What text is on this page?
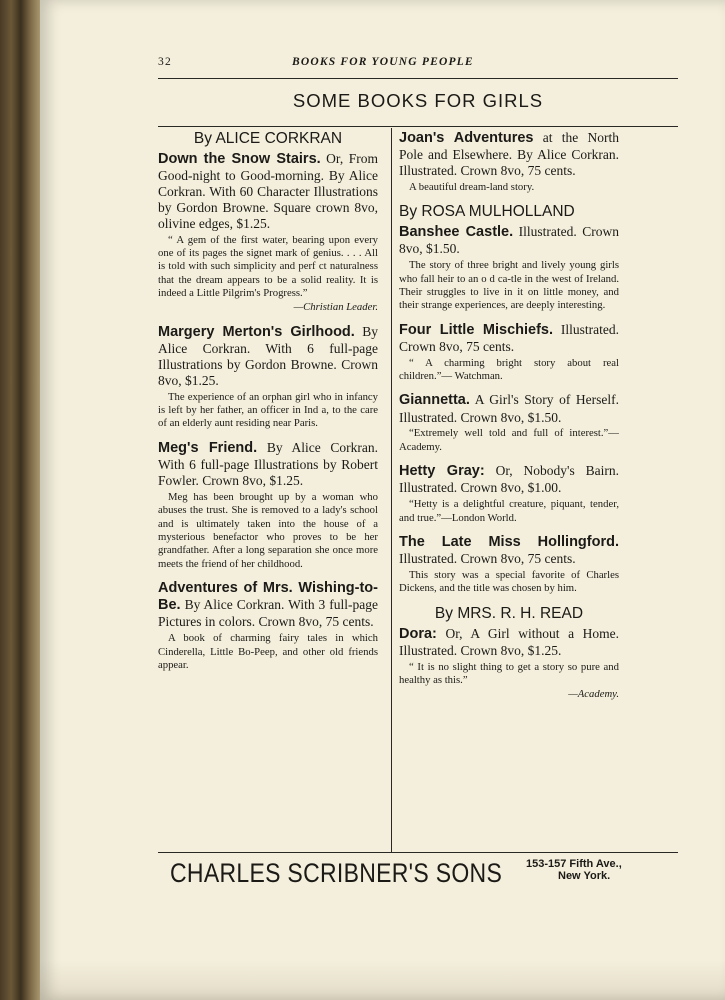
32	BOOKS FOR YOUNG PEOPLE
SOME BOOKS FOR GIRLS
By ALICE CORKRAN

Down the Snow Stairs. Or, From Good-night to Good-morning. By Alice Corkran. With 60 Character Illustrations by Gordon Browne. Square crown 8vo, olivine edges, $1.25.

“ A gem of the first water, bearing upon every one of its pages the signet mark of genius. . . . All is told with such simplicity and perf ct naturalness that the dream appears to be a solid reality. It is indeed a Little Pilgrim's Progress.”
—Christian Leader.

Margery Merton's Girlhood. By Alice Corkran. With 6 full-page Illustrations by Gordon Browne. Crown 8vo, $1.25.

The experience of an orphan girl who in infancy is left by her father, an officer in Ind a, to the care of an elderly aunt residing near Paris.

Meg's Friend. By Alice Corkran. With 6 full-page Illustrations by Robert Fowler. Crown 8vo, $1.25.

Meg has been brought up by a woman who abuses the trust. She is removed to a lady's school and is ultimately taken into the house of a mysterious benefactor who proves to be her grandfather. After a long separation she once more meets the friend of her childhood.

Adventures of Mrs. Wishing-to-Be. By Alice Corkran. With 3 full-page Pictures in colors. Crown 8vo, 75 cents.

A book of charming fairy tales in which Cinderella, Little Bo-Peep, and other old friends appear.

Joan's Adventures at the North Pole and Elsewhere. By Alice Corkran. Illustrated. Crown 8vo, 75 cents.

A beautiful dream-land story.

By ROSA MULHOLLAND

Banshee Castle. Illustrated. Crown 8vo, $1.50.

The story of three bright and lively young girls who fall heir to an o d ca-tle in the west of Ireland. Their struggles to live in it on little money, and their strange experiences, are deeply interesting.

Four Little Mischiefs. Illustrated. Crown 8vo, 75 cents.

“ A charming bright story about real children.”— Watchman.

Giannetta. A Girl's Story of Herself. Illustrated. Crown 8vo, $1.50.

“Extremely well told and full of interest.”—Academy.

Hetty Gray: Or, Nobody's Bairn. Illustrated. Crown 8vo, $1.00.

“Hetty is a delightful creature, piquant, tender, and true.”—London World.

The Late Miss Hollingford. Illustrated. Crown 8vo, 75 cents.

This story was a special favorite of Charles Dickens, and the title was chosen by him.

By MRS. R. H. READ

Dora: Or, A Girl without a Home. Illustrated. Crown 8vo, $1.25.

“ It is no slight thing to get a story so pure and healthy as this.”
—Academy.

CHARLES SCRIBNER'S SONS 153-157 Fifth Ave.,
New York.
